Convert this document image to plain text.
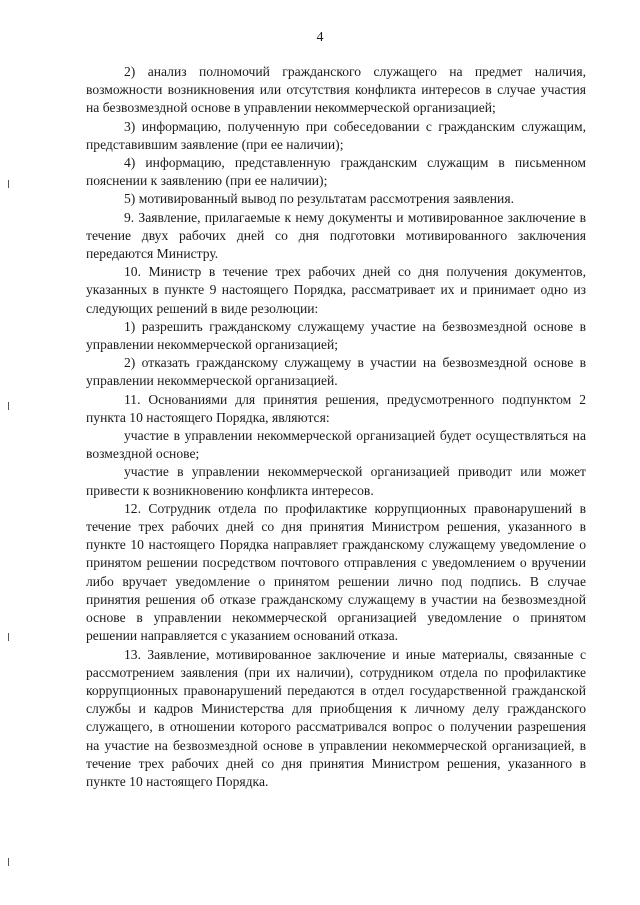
4

2) анализ полномочий гражданского служащего на предмет наличия, возможности возникновения или отсутствия конфликта интересов в случае участия на безвозмездной основе в управлении некоммерческой организацией;

3) информацию, полученную при собеседовании с гражданским служащим, представившим заявление (при ее наличии);

4) информацию, представленную гражданским служащим в письменном пояснении к заявлению (при ее наличии);

5) мотивированный вывод по результатам рассмотрения заявления.

9. Заявление, прилагаемые к нему документы и мотивированное заключение в течение двух рабочих дней со дня подготовки мотивированного заключения передаются Министру.

10. Министр в течение трех рабочих дней со дня получения документов, указанных в пункте 9 настоящего Порядка, рассматривает их и принимает одно из следующих решений в виде резолюции:

1) разрешить гражданскому служащему участие на безвозмездной основе в управлении некоммерческой организацией;

2) отказать гражданскому служащему в участии на безвозмездной основе в управлении некоммерческой организацией.

11. Основаниями для принятия решения, предусмотренного подпунктом 2 пункта 10 настоящего Порядка, являются:

участие в управлении некоммерческой организацией будет осуществляться на возмездной основе;

участие в управлении некоммерческой организацией приводит или может привести к возникновению конфликта интересов.

12. Сотрудник отдела по профилактике коррупционных правонарушений в течение трех рабочих дней со дня принятия Министром решения, указанного в пункте 10 настоящего Порядка направляет гражданскому служащему уведомление о принятом решении посредством почтового отправления с уведомлением о вручении либо вручает уведомление о принятом решении лично под подпись. В случае принятия решения об отказе гражданскому служащему в участии на безвозмездной основе в управлении некоммерческой организацией уведомление о принятом решении направляется с указанием оснований отказа.

13. Заявление, мотивированное заключение и иные материалы, связанные с рассмотрением заявления (при их наличии), сотрудником отдела по профилактике коррупционных правонарушений передаются в отдел государственной гражданской службы и кадров Министерства для приобщения к личному делу гражданского служащего, в отношении которого рассматривался вопрос о получении разрешения на участие на безвозмездной основе в управлении некоммерческой организацией, в течение трех рабочих дней со дня принятия Министром решения, указанного в пункте 10 настоящего Порядка.
